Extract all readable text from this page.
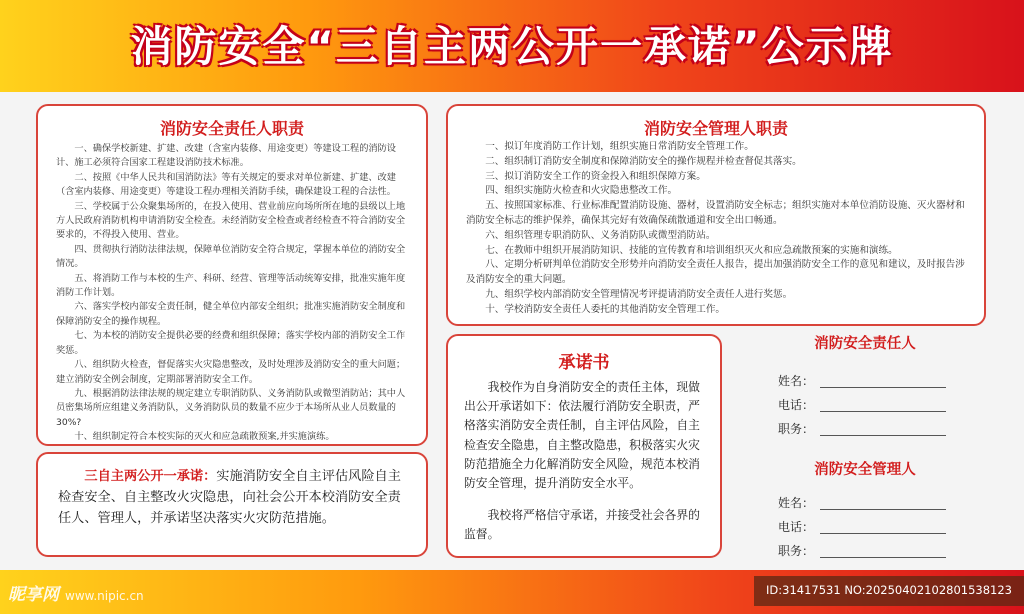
消防安全“三自主两公开一承诺”公示牌
消防安全责任人职责

一、确保学校新建、扩建、改建（含室内装修、用途变更）等建设工程的消防设计、施工必须符合国家工程建设消防技术标准。

二、按照《中华人民共和国消防法》等有关规定的要求对单位新建、扩建、改建（含室内装修、用途变更）等建设工程办理相关消防手续，确保建设工程的合法性。

三、学校属于公众聚集场所的，在投入使用、营业前应向场所所在地的县级以上地方人民政府消防机构申请消防安全检查。未经消防安全检查或者经检查不符合消防安全要求的，不得投入使用、营业。

四、贯彻执行消防法律法规，保障单位消防安全符合规定，掌握本单位的消防安全情况。

五、将消防工作与本校的生产、科研、经营、管理等活动统筹安排，批准实施年度消防工作计划。

六、落实学校内部安全责任制，健全单位内部安全组织；批准实施消防安全制度和保障消防安全的操作规程。

七、为本校的消防安全提供必要的经费和组织保障；落实学校内部的消防安全工作奖惩。

八、组织防火检查，督促落实火灾隐患整改，及时处理涉及消防安全的重大问题；建立消防安全例会制度，定期部署消防安全工作。

九、根据消防法律法规的规定建立专职消防队、义务消防队或微型消防站；其中人员密集场所应组建义务消防队，义务消防队员的数量不应少于本场所从业人员数量的30%?

十、组织制定符合本校实际的灭火和应急疏散预案,并实施演练。

消防安全管理人职责

一、拟订年度消防工作计划，组织实施日常消防安全管理工作。

二、组织制订消防安全制度和保障消防安全的操作规程并检查督促其落实。

三、拟订消防安全工作的资金投入和组织保障方案。

四、组织实施防火检查和火灾隐患整改工作。

五、按照国家标准、行业标准配置消防设施、器材，设置消防安全标志；组织实施对本单位消防设施、灭火器材和消防安全标志的维护保养，确保其完好有效确保疏散通道和安全出口畅通。

六、组织管理专职消防队、义务消防队或微型消防站。

七、在教师中组织开展消防知识、技能的宣传教育和培训组织灭火和应急疏散预案的实施和演练。

八、定期分析研判单位消防安全形势并向消防安全责任人报告，提出加强消防安全工作的意见和建议，及时报告涉及消防安全的重大问题。

九、组织学校内部消防安全管理情况考评提请消防安全责任人进行奖惩。

十、学校消防安全责任人委托的其他消防安全管理工作。

三自主两公开一承诺：实施消防安全自主评估风险自主检查安全、自主整改火灾隐患，向社会公开本校消防安全责任人、管理人，并承诺坚决落实火灾防范措施。

承诺书
我校作为自身消防安全的责任主体，现做出公开承诺如下：依法履行消防安全职责，严格落实消防安全责任制，自主评估风险，自主检查安全隐患，自主整改隐患，积极落实火灾防范措施全力化解消防安全风险，规范本校消防安全管理，提升消防安全水平。
我校将严格信守承诺，并接受社会各界的监督。
消防安全责任人
姓名：
电话：
职务：
消防安全管理人
姓名：
电话：
职务：
昵享网 www.nipic.cn	ID:31417531 NO:20250402102801538123
